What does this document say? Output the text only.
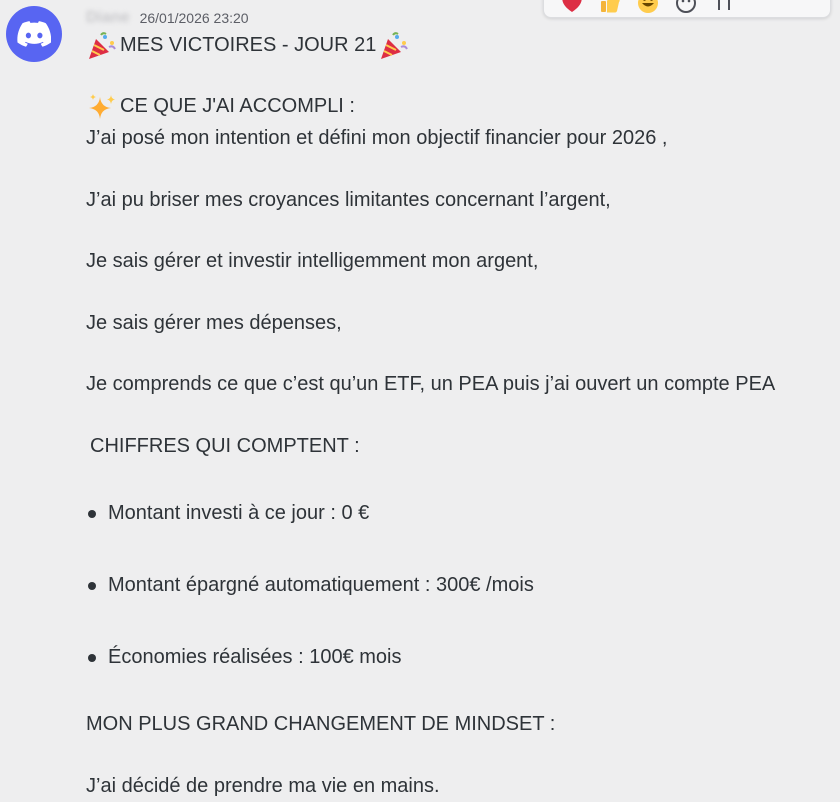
Diane 26/01/2026 23:20
MES VICTOIRES - JOUR 21
CE QUE J'AI ACCOMPLI :
J’ai posé mon intention et défini mon objectif financier pour 2026 ,
J’ai pu briser mes croyances limitantes concernant l’argent,
Je sais gérer et investir intelligemment mon argent,
Je sais gérer mes dépenses,
Je comprends ce que c’est qu’un ETF, un PEA puis j’ai ouvert un compte PEA
CHIFFRES QUI COMPTENT :
Montant investi à ce jour : 0 €
Montant épargné automatiquement : 300€ /mois
Économies réalisées : 100€ mois
MON PLUS GRAND CHANGEMENT DE MINDSET :
J’ai décidé de prendre ma vie en mains.
